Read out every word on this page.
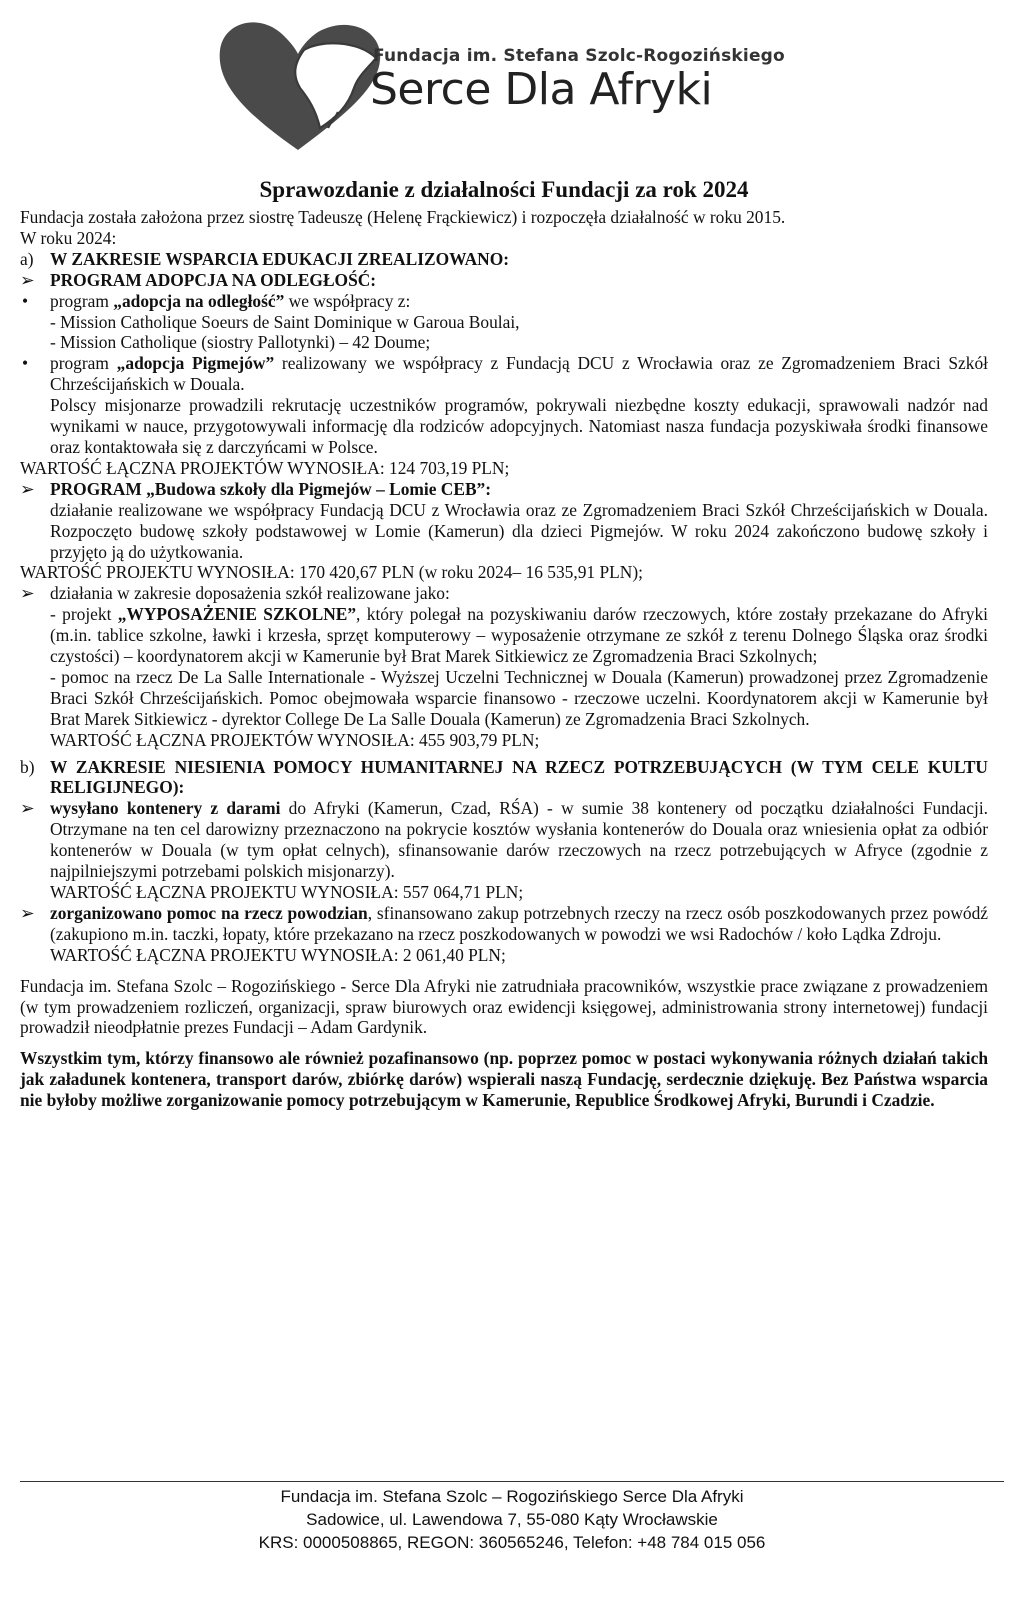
Fundacja im. Stefana Szolc-Rogozińskiego
Serce Dla Afryki
Sprawozdanie z działalności Fundacji za rok 2024

Fundacja została założona przez siostrę Tadeuszę (Helenę Frąckiewicz) i rozpoczęła działalność w roku 2015.

W roku 2024:

a) W ZAKRESIE WSPARCIA EDUKACJI ZREALIZOWANO:
➢ PROGRAM ADOPCJA NA ODLEGŁOŚĆ:
•	program „adopcja na odległość” we współpracy z:

- Mission Catholique Soeurs de Saint Dominique w Garoua Boulai,

- Mission Catholique (siostry Pallotynki) – 42 Doume;

•	program „adopcja Pigmejów” realizowany we współpracy z Fundacją DCU z Wrocławia oraz ze Zgromadzeniem Braci Szkół Chrześcijańskich w Douala.

Polscy misjonarze prowadzili rekrutację uczestników programów, pokrywali niezbędne koszty edukacji, sprawowali nadzór nad wynikami w nauce, przygotowywali informację dla rodziców adopcyjnych. Natomiast nasza fundacja pozyskiwała środki finansowe oraz kontaktowała się z darczyńcami w Polsce.

WARTOŚĆ ŁĄCZNA PROJEKTÓW WYNOSIŁA: 124 703,19 PLN;

➢ PROGRAM „Budowa szkoły dla Pigmejów – Lomie CEB”:

działanie realizowane we współpracy Fundacją DCU z Wrocławia oraz ze Zgromadzeniem Braci Szkół Chrześcijańskich w Douala. Rozpoczęto budowę szkoły podstawowej w Lomie (Kamerun) dla dzieci Pigmejów. W roku 2024 zakończono budowę szkoły i przyjęto ją do użytkowania.

WARTOŚĆ PROJEKTU WYNOSIŁA: 170 420,67 PLN (w roku 2024– 16 535,91 PLN);

➢ działania w zakresie doposażenia szkół realizowane jako:

- projekt „WYPOSAŻENIE SZKOLNE”, który polegał na pozyskiwaniu darów rzeczowych, które zostały przekazane do Afryki (m.in. tablice szkolne, ławki i krzesła, sprzęt komputerowy – wyposażenie otrzymane ze szkół z terenu Dolnego Śląska oraz środki czystości) – koordynatorem akcji w Kamerunie był Brat Marek Sitkiewicz ze Zgromadzenia Braci Szkolnych;

- pomoc na rzecz De La Salle Internationale - Wyższej Uczelni Technicznej w Douala (Kamerun) prowadzonej przez Zgromadzenie Braci Szkół Chrześcijańskich. Pomoc obejmowała wsparcie finansowo - rzeczowe uczelni. Koordynatorem akcji w Kamerunie był Brat Marek Sitkiewicz - dyrektor College De La Salle Douala (Kamerun) ze Zgromadzenia Braci Szkolnych.

WARTOŚĆ ŁĄCZNA PROJEKTÓW WYNOSIŁA: 455 903,79 PLN;

b) W ZAKRESIE NIESIENIA POMOCY HUMANITARNEJ NA RZECZ POTRZEBUJĄCYCH (W TYM CELE KULTU RELIGIJNEGO):
➢ wysyłano kontenery z darami do Afryki (Kamerun, Czad, RŚA) - w sumie 38 kontenery od początku działalności Fundacji. Otrzymane na ten cel darowizny przeznaczono na pokrycie kosztów wysłania kontenerów do Douala oraz wniesienia opłat za odbiór kontenerów w Douala (w tym opłat celnych), sfinansowanie darów rzeczowych na rzecz potrzebujących w Afryce (zgodnie z najpilniejszymi potrzebami polskich misjonarzy).

WARTOŚĆ ŁĄCZNA PROJEKTU WYNOSIŁA: 557 064,71 PLN;

➢ zorganizowano pomoc na rzecz powodzian, sfinansowano zakup potrzebnych rzeczy na rzecz osób poszkodowanych przez powódź (zakupiono m.in. taczki, łopaty, które przekazano na rzecz poszkodowanych w powodzi we wsi Radochów / koło Lądka Zdroju.

WARTOŚĆ ŁĄCZNA PROJEKTU WYNOSIŁA: 2 061,40 PLN;

Fundacja im. Stefana Szolc – Rogozińskiego - Serce Dla Afryki nie zatrudniała pracowników, wszystkie prace związane z prowadzeniem (w tym prowadzeniem rozliczeń, organizacji, spraw biurowych oraz ewidencji księgowej, administrowania strony internetowej) fundacji prowadził nieodpłatnie prezes Fundacji – Adam Gardynik.

Wszystkim tym, którzy finansowo ale również pozafinansowo (np. poprzez pomoc w postaci wykonywania różnych działań takich jak załadunek kontenera, transport darów, zbiórkę darów) wspierali naszą Fundację, serdecznie dziękuję. Bez Państwa wsparcia nie byłoby możliwe zorganizowanie pomocy potrzebującym w Kamerunie, Republice Środkowej Afryki, Burundi i Czadzie.

Fundacja im. Stefana Szolc – Rogozińskiego Serce Dla Afryki
Sadowice, ul. Lawendowa 7, 55-080 Kąty Wrocławskie
KRS: 0000508865, REGON: 360565246, Telefon: +48 784 015 056
